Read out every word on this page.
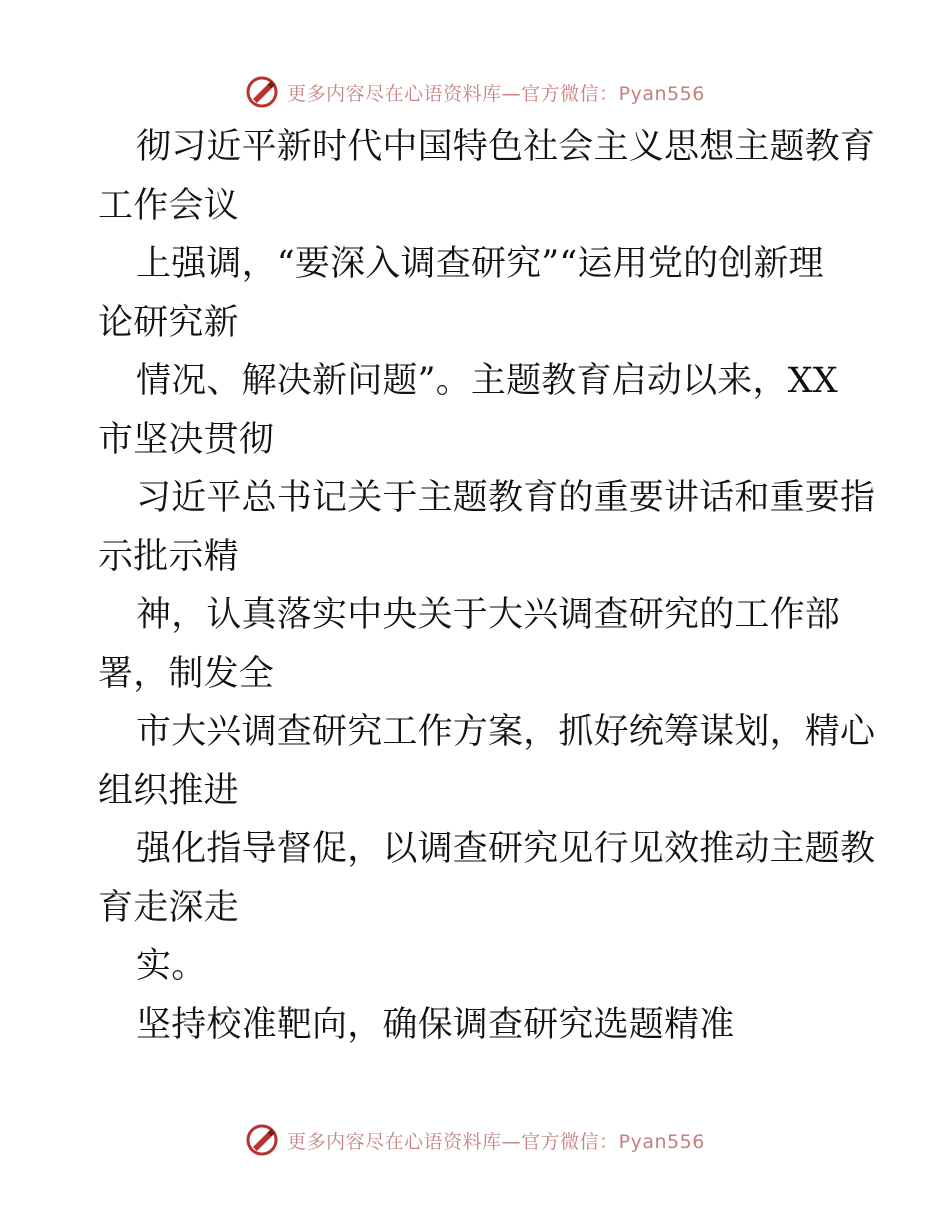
更多内容尽在心语资料库—官方微信：Pyan556
彻习近平新时代中国特色社会主义思想主题教育
工作会议
上强调，“要深入调查研究”“运用党的创新理
论研究新
情况、解决新问题”。主题教育启动以来，XX
市坚决贯彻
习近平总书记关于主题教育的重要讲话和重要指
示批示精
神，认真落实中央关于大兴调查研究的工作部
署，制发全
市大兴调查研究工作方案，抓好统筹谋划，精心
组织推进
强化指导督促，以调查研究见行见效推动主题教
育走深走
实。
坚持校准靶向，确保调查研究选题精准
更多内容尽在心语资料库—官方微信：Pyan556
